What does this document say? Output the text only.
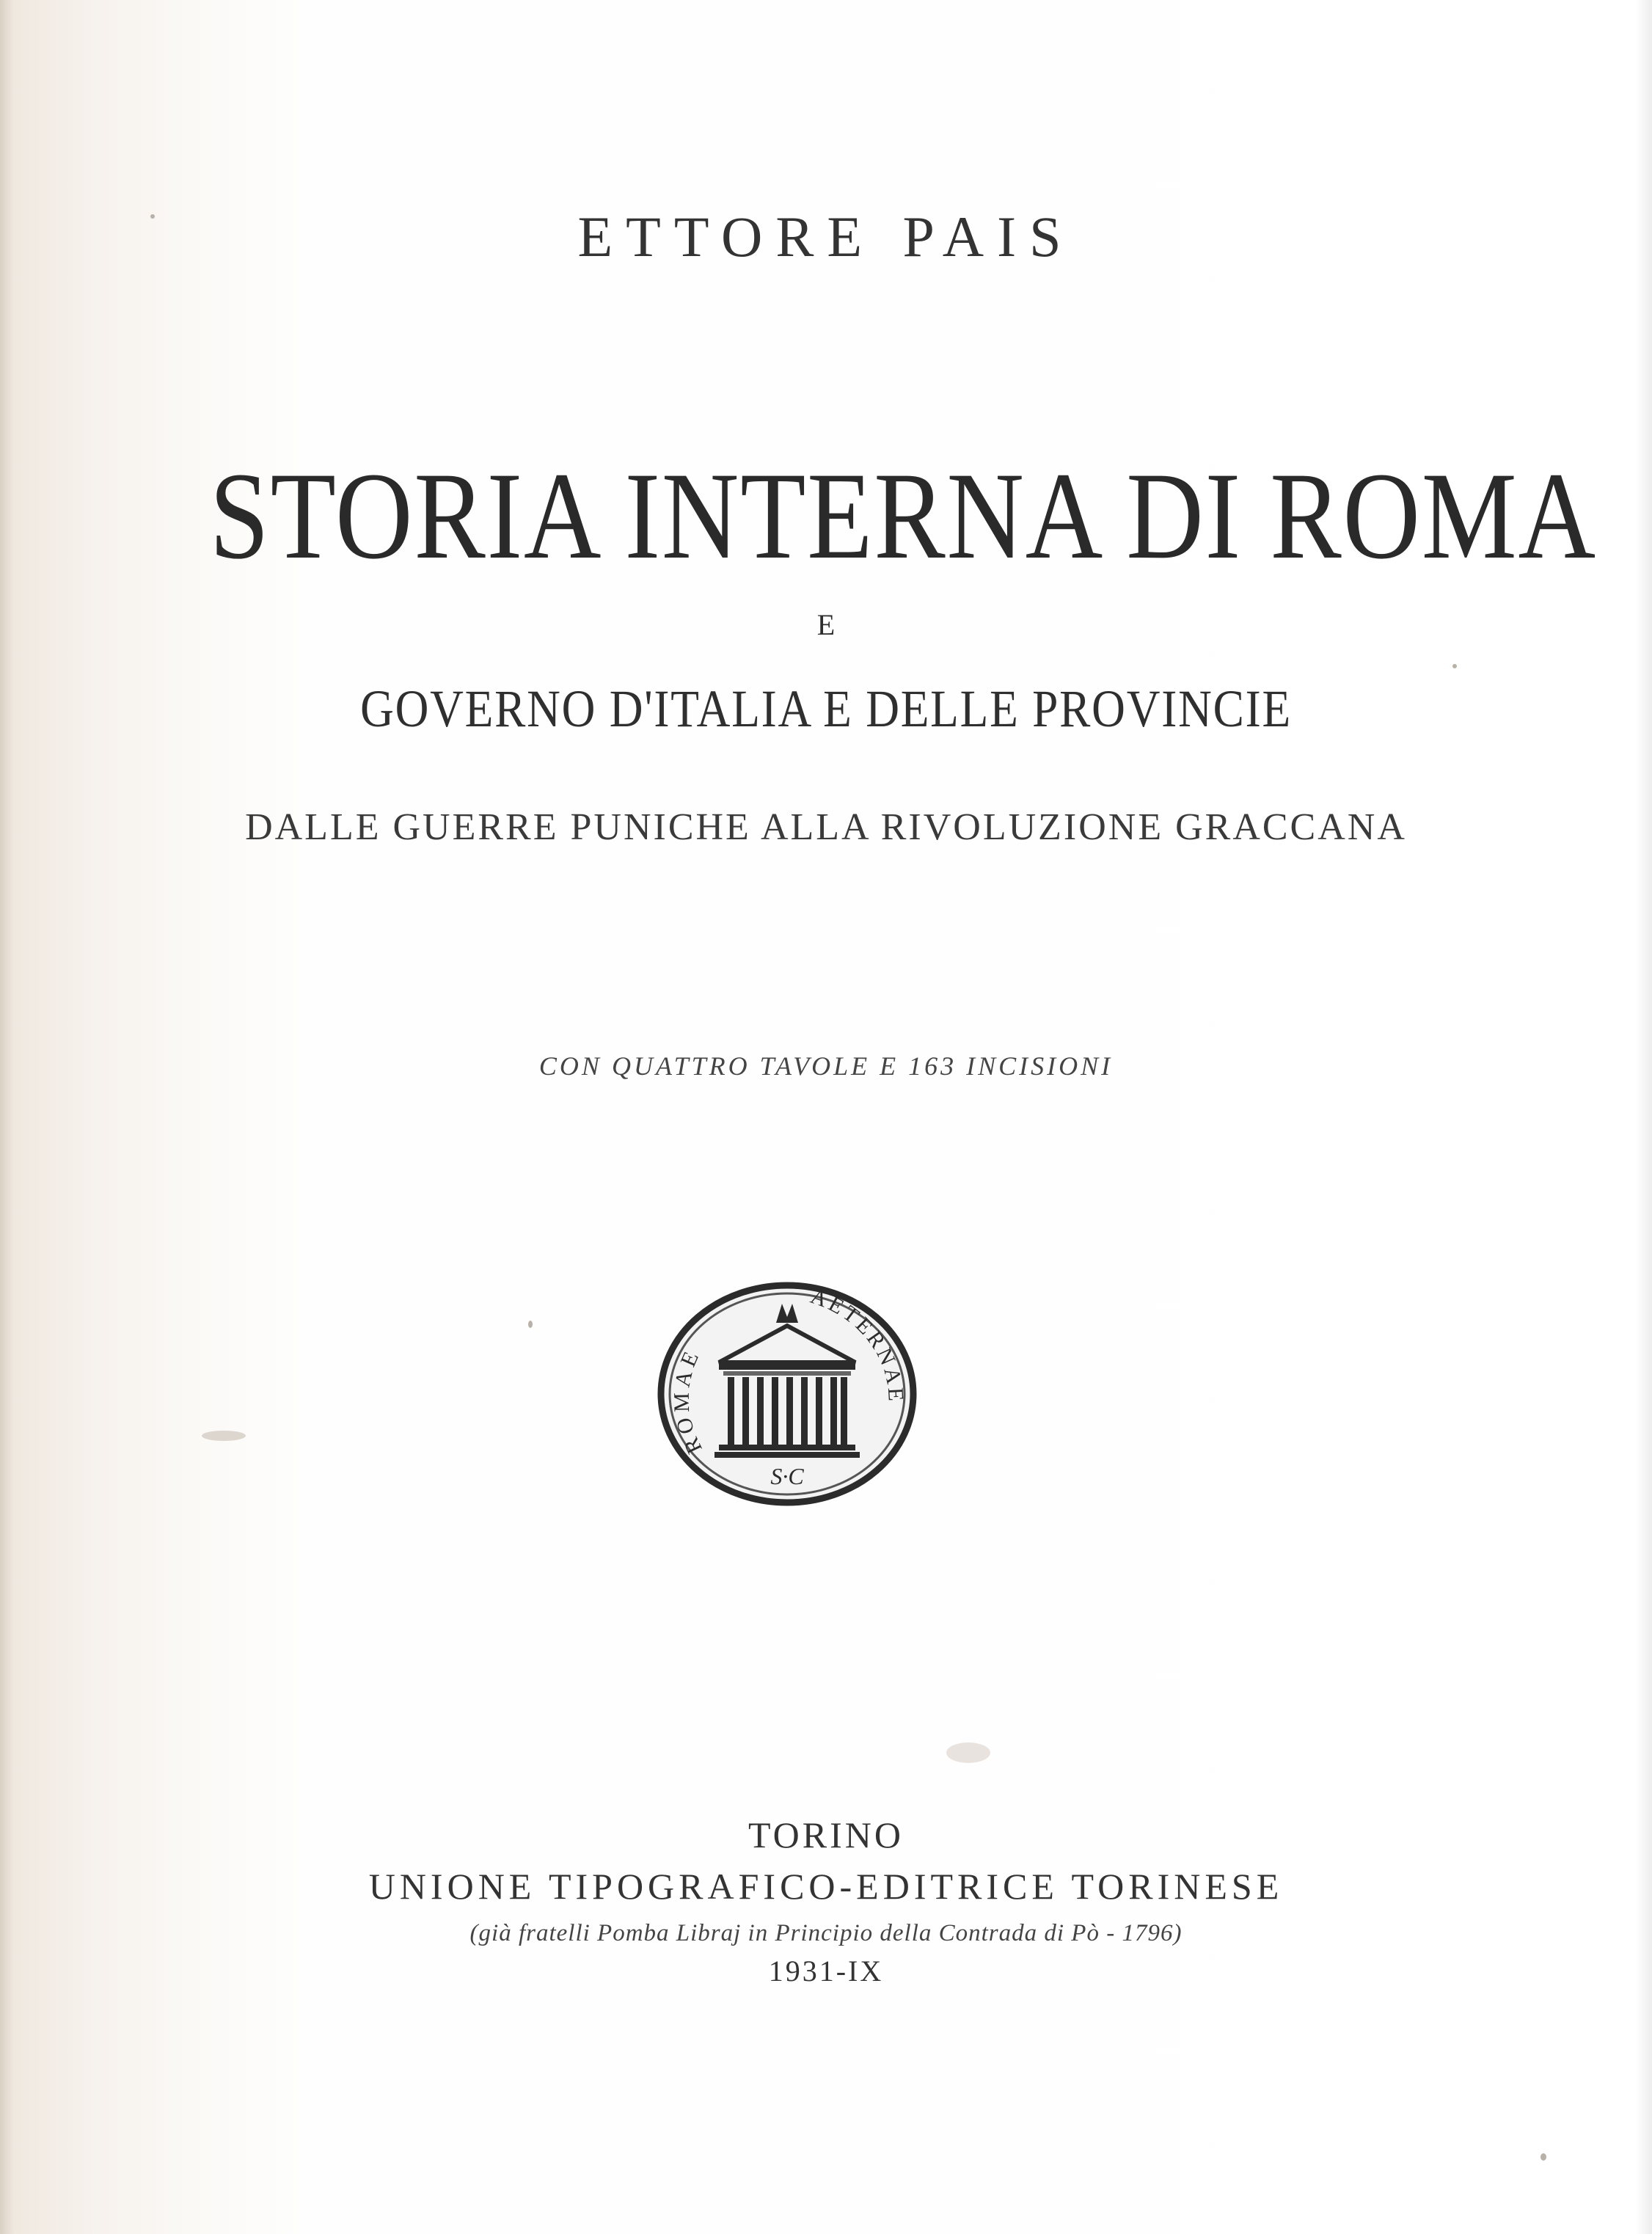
ETTORE PAIS

STORIA INTERNA DI ROMA

E

GOVERNO D'ITALIA E DELLE PROVINCIE

DALLE GUERRE PUNICHE ALLA RIVOLUZIONE GRACCANA

CON QUATTRO TAVOLE E 163 INCISIONI

ROMAE
AETERNAE
S·C

TORINO

UNIONE TIPOGRAFICO-EDITRICE TORINESE

(già fratelli Pomba Libraj in Principio della Contrada di Pò - 1796)

1931-IX
